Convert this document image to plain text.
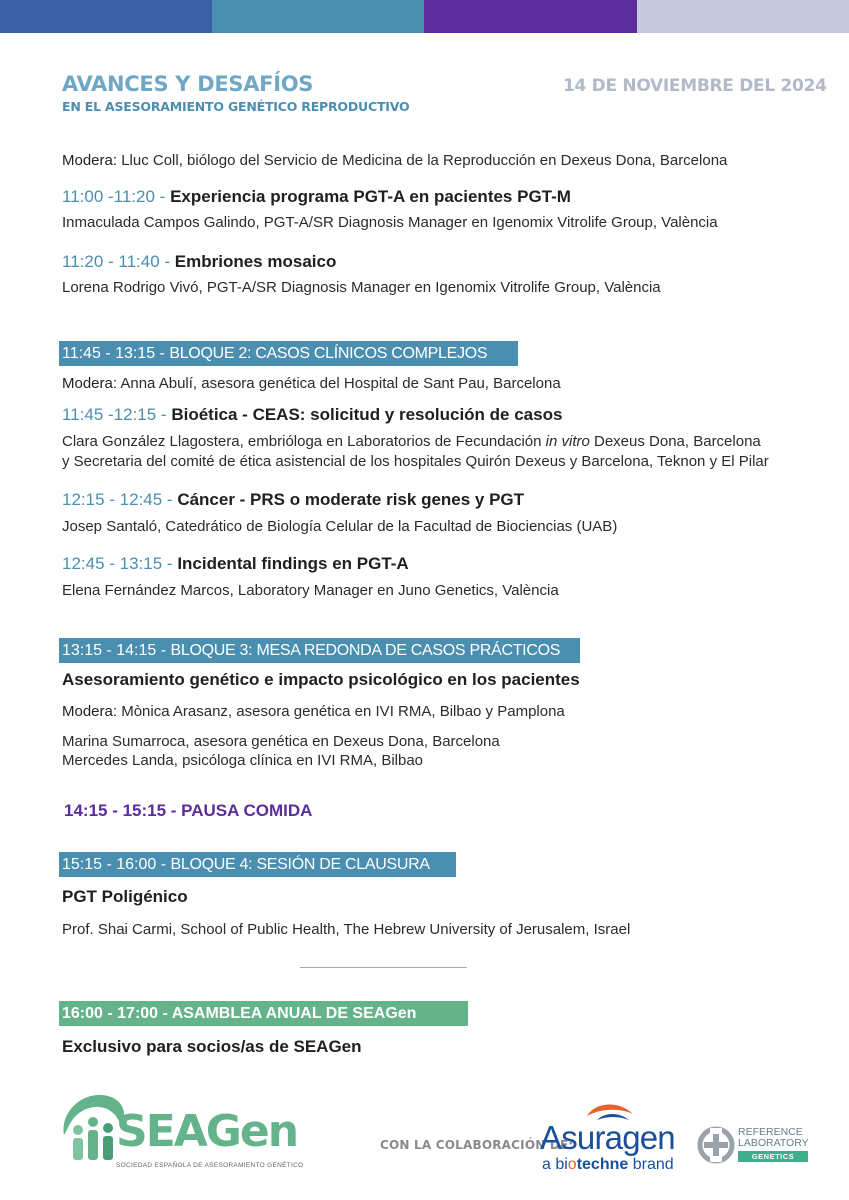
AVANCES Y DESAFÍOS
EN EL ASESORAMIENTO GENÉTICO REPRODUCTIVO
14 DE NOVIEMBRE DEL 2024
Modera: Lluc Coll, biólogo del Servicio de Medicina de la Reproducción en Dexeus Dona, Barcelona
11:00 -11:20 - Experiencia programa PGT-A en pacientes PGT-M
Inmaculada Campos Galindo, PGT-A/SR Diagnosis Manager en Igenomix Vitrolife Group, València
11:20 - 11:40 - Embriones mosaico
Lorena Rodrigo Vivó, PGT-A/SR Diagnosis Manager en Igenomix Vitrolife Group, València
11:45 - 13:15 - BLOQUE 2: CASOS CLÍNICOS COMPLEJOS
Modera: Anna Abulí, asesora genética del Hospital de Sant Pau, Barcelona
11:45 -12:15 - Bioética - CEAS: solicitud y resolución de casos
Clara González Llagostera, embrióloga en Laboratorios de Fecundación in vitro Dexeus Dona, Barcelona
y Secretaria del comité de ética asistencial de los hospitales Quirón Dexeus y Barcelona, Teknon y El Pilar
12:15 - 12:45 - Cáncer - PRS o moderate risk genes y PGT
Josep Santaló, Catedrático de Biología Celular de la Facultad de Biociencias (UAB)
12:45 - 13:15 - Incidental findings en PGT-A
Elena Fernández Marcos, Laboratory Manager en Juno Genetics, València
13:15 - 14:15 - BLOQUE 3: MESA REDONDA DE CASOS PRÁCTICOS
Asesoramiento genético e impacto psicológico en los pacientes
Modera: Mònica Arasanz, asesora genética en IVI RMA, Bilbao y Pamplona
Marina Sumarroca, asesora genética en Dexeus Dona, Barcelona
Mercedes Landa, psicóloga clínica en IVI RMA, Bilbao
14:15 - 15:15 - PAUSA COMIDA
15:15 - 16:00 - BLOQUE 4: SESIÓN DE CLAUSURA
PGT Poligénico
Prof. Shai Carmi, School of Public Health, The Hebrew University of Jerusalem, Israel
16:00 - 17:00 - ASAMBLEA ANUAL DE SEAGen
Exclusivo para socios/as de SEAGen
SEAGen
SOCIEDAD ESPAÑOLA DE ASESORAMIENTO GENÉTICO
CON LA COLABORACIÓN DE:
Asuragen
a biotechne brand
REFERENCE
LABORATORY
GENETICS
